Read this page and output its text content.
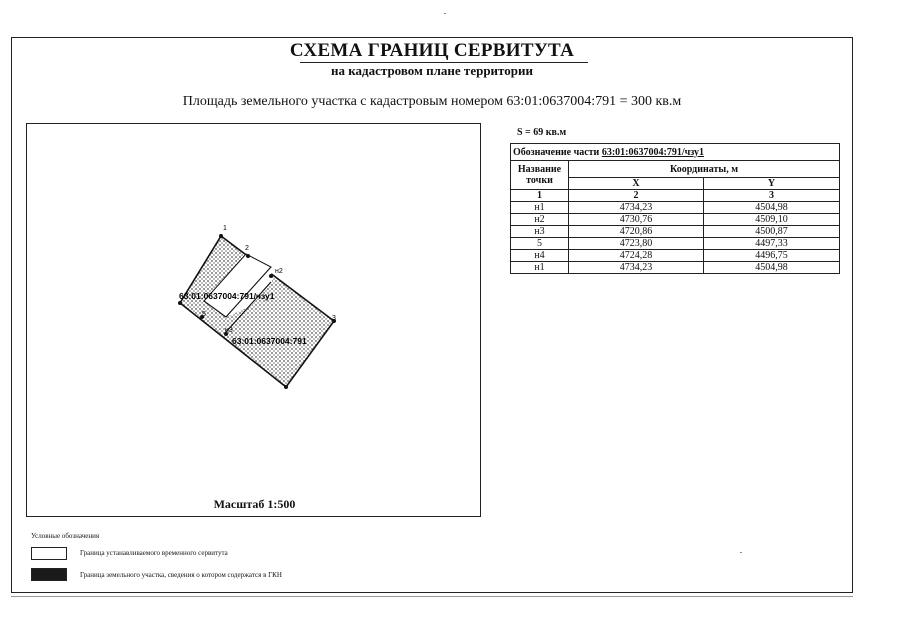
СХЕМА ГРАНИЦ СЕРВИТУТА
на кадастровом плане территории
Площадь земельного участка с кадастровым номером 63:01:0637004:791 = 300 кв.м
1
2
н2
3
н3
5
63:01:0637004:791/чзу1
63:01:0637004:791
Масштаб 1:500
S = 69 кв.м
Обозначение части 63:01:0637004:791/чзу1		
Название точки	Координаты, м	
	X	Y
1	2	3
н1	4734,23	4504,98
н2	4730,76	4509,10
н3	4720,86	4500,87
5	4723,80	4497,33
н4	4724,28	4496,75
н1	4734,23	4504,98
Условные обозначения
Граница устанавливаемого временного сервитута
Граница земельного участка, сведения о котором содержатся в ГКН
